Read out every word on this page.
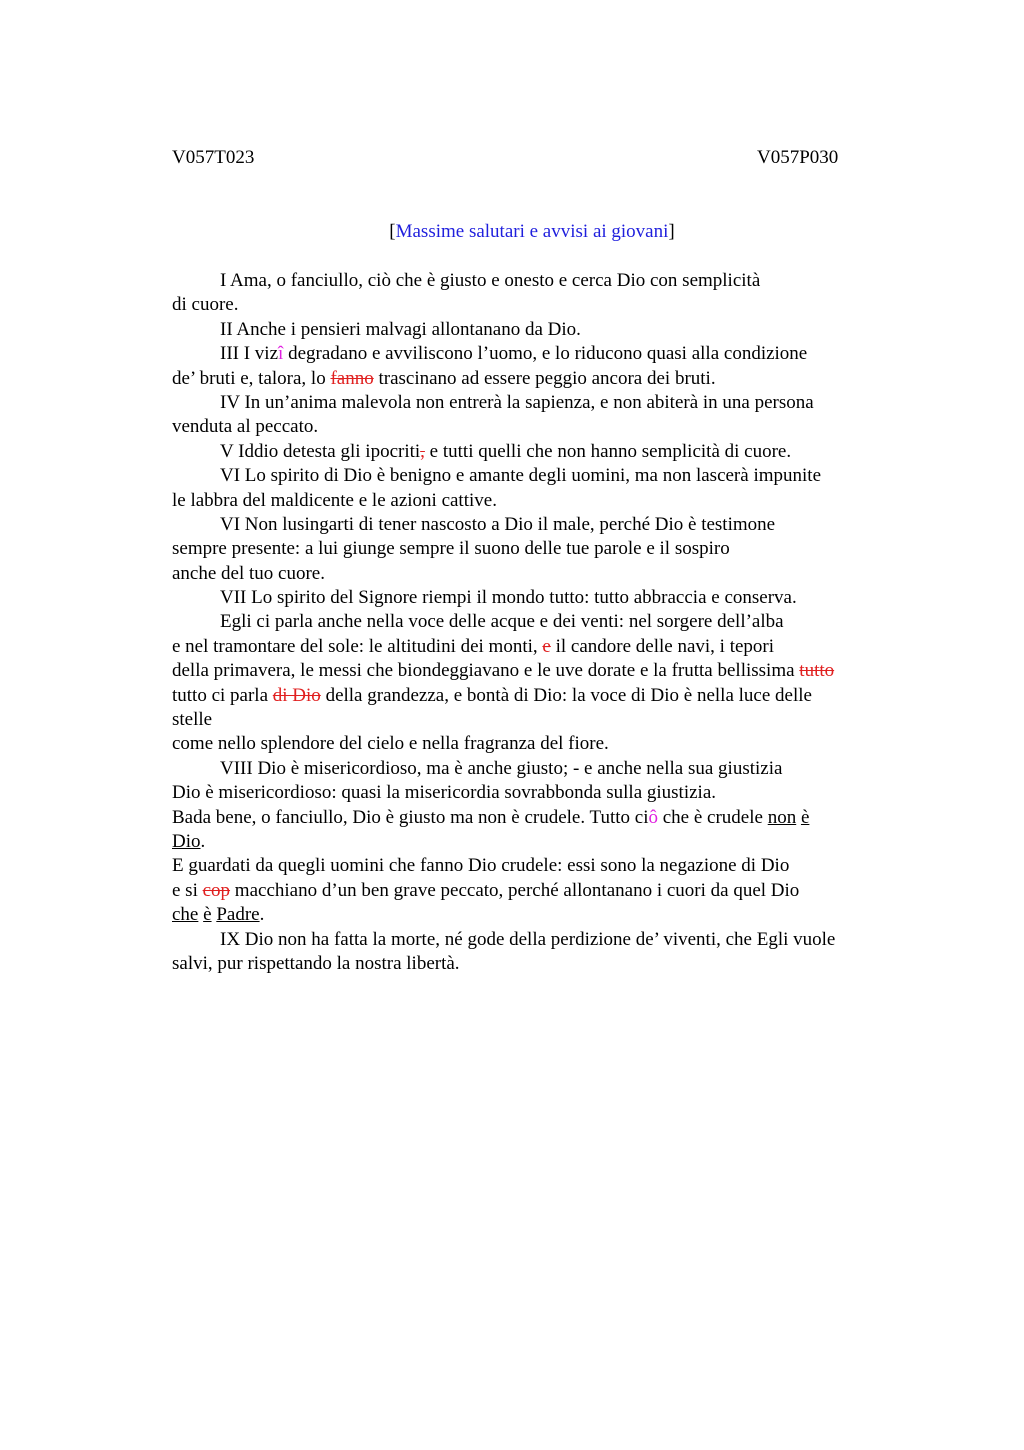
V057T023	V057P030
[Massime salutari e avvisi ai giovani]
I Ama, o fanciullo, ciò che è giusto e onesto e cerca Dio con semplicità
di cuore.
II Anche i pensieri malvagi allontanano da Dio.
III I vizî degradano e avviliscono l’uomo, e lo riducono quasi alla condizione
de’ bruti e, talora, lo fanno trascinano ad essere peggio ancora dei bruti.
IV In un’anima malevola non entrerà la sapienza, e non abiterà in una persona
venduta al peccato.
V Iddio detesta gli ipocriti, e tutti quelli che non hanno semplicità di cuore.
VI Lo spirito di Dio è benigno e amante degli uomini, ma non lascerà impunite
le labbra del maldicente e le azioni cattive.
VI Non lusingarti di tener nascosto a Dio il male, perché Dio è testimone
sempre presente: a lui giunge sempre il suono delle tue parole e il sospiro
anche del tuo cuore.
VII Lo spirito del Signore riempi il mondo tutto: tutto abbraccia e conserva.
Egli ci parla anche nella voce delle acque e dei venti: nel sorgere dell’alba
e nel tramontare del sole: le altitudini dei monti, e il candore delle navi, i tepori
della primavera, le messi che biondeggiavano e le uve dorate e la frutta bellissima tutto
tutto ci parla di Dio della grandezza, e bontà di Dio: la voce di Dio è nella luce delle
stelle
come nello splendore del cielo e nella fragranza del fiore.
VIII Dio è misericordioso, ma è anche giusto; - e anche nella sua giustizia
Dio è misericordioso: quasi la misericordia sovrabbonda sulla giustizia.
Bada bene, o fanciullo, Dio è giusto ma non è crudele. Tutto ciô che è crudele non è
Dio.
E guardati da quegli uomini che fanno Dio crudele: essi sono la negazione di Dio
e si cop macchiano d’un ben grave peccato, perché allontanano i cuori da quel Dio
che è Padre.
IX Dio non ha fatta la morte, né gode della perdizione de’ viventi, che Egli vuole
salvi, pur rispettando la nostra libertà.
